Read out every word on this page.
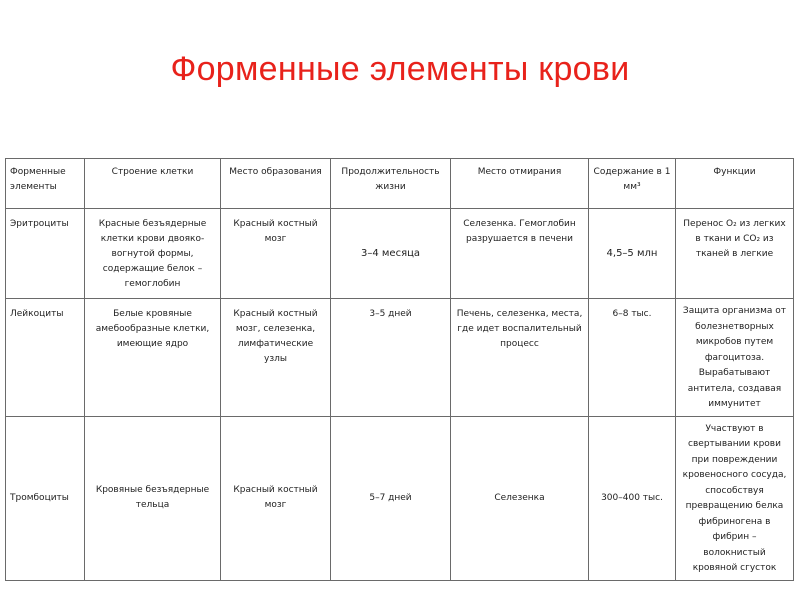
Форменные элементы крови
Форменные элементы	Строение клетки	Место образования	Продолжительность жизни	Место отмирания	Содержание в 1 мм³	Функции
Эритроциты	Красные безъядерные клетки крови двояко-вогнутой формы, содержащие белок – гемоглобин	Красный костный мозг	3–4 месяца	Селезенка. Гемоглобин разрушается в печени	4,5–5 млн	Перенос O₂ из легких в ткани и CO₂ из тканей в легкие
Лейкоциты	Белые кровяные амебообразные клетки, имеющие ядро	Красный костный мозг, селезенка, лимфатические узлы	3–5 дней	Печень, селезенка, места, где идет воспалительный процесс	6–8 тыс.	Защита организма от болезнетворных микробов путем фагоцитоза. Вырабатывают антитела, создавая иммунитет
Тромбоциты	Кровяные безъядерные тельца	Красный костный мозг	5–7 дней	Селезенка	300–400 тыс.	Участвуют в свертывании крови при повреждении кровеносного сосуда, способствуя превращению белка фибриногена в фибрин – волокнистый кровяной сгусток
